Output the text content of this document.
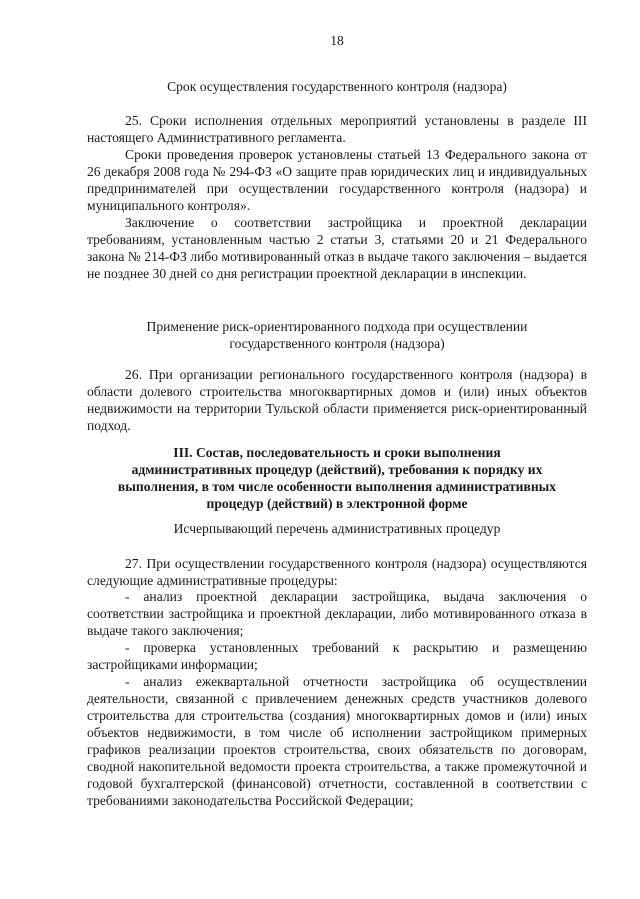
18
Срок осуществления государственного контроля (надзора)

25. Сроки исполнения отдельных мероприятий установлены в разделе III настоящего Административного регламента.

Сроки проведения проверок установлены статьей 13 Федерального закона от 26 декабря 2008 года № 294-ФЗ «О защите прав юридических лиц и индивидуальных предпринимателей при осуществлении государственного контроля (надзора) и муниципального контроля».

Заключение о соответствии застройщика и проектной декларации требованиям, установленным частью 2 статьи 3, статьями 20 и 21 Федерального закона № 214-ФЗ либо мотивированный отказ в выдаче такого заключения – выдается не позднее 30 дней со дня регистрации проектной декларации в инспекции.

Применение риск-ориентированного подхода при осуществлении
государственного контроля (надзора)

26. При организации регионального государственного контроля (надзора) в области долевого строительства многоквартирных домов и (или) иных объектов недвижимости на территории Тульской области применяется риск-ориентированный подход.

III. Состав, последовательность и сроки выполнения
административных процедур (действий), требования к порядку их
выполнения, в том числе особенности выполнения административных
процедур (действий) в электронной форме
Исчерпывающий перечень административных процедур

27. При осуществлении государственного контроля (надзора) осуществляются следующие административные процедуры:

- анализ проектной декларации застройщика, выдача заключения о соответствии застройщика и проектной декларации, либо мотивированного отказа в выдаче такого заключения;

- проверка установленных требований к раскрытию и размещению застройщиками информации;

- анализ ежеквартальной отчетности застройщика об осуществлении деятельности, связанной с привлечением денежных средств участников долевого строительства для строительства (создания) многоквартирных домов и (или) иных объектов недвижимости, в том числе об исполнении застройщиком примерных графиков реализации проектов строительства, своих обязательств по договорам, сводной накопительной ведомости проекта строительства, а также промежуточной и годовой бухгалтерской (финансовой) отчетности, составленной в соответствии с требованиями законодательства Российской Федерации;
